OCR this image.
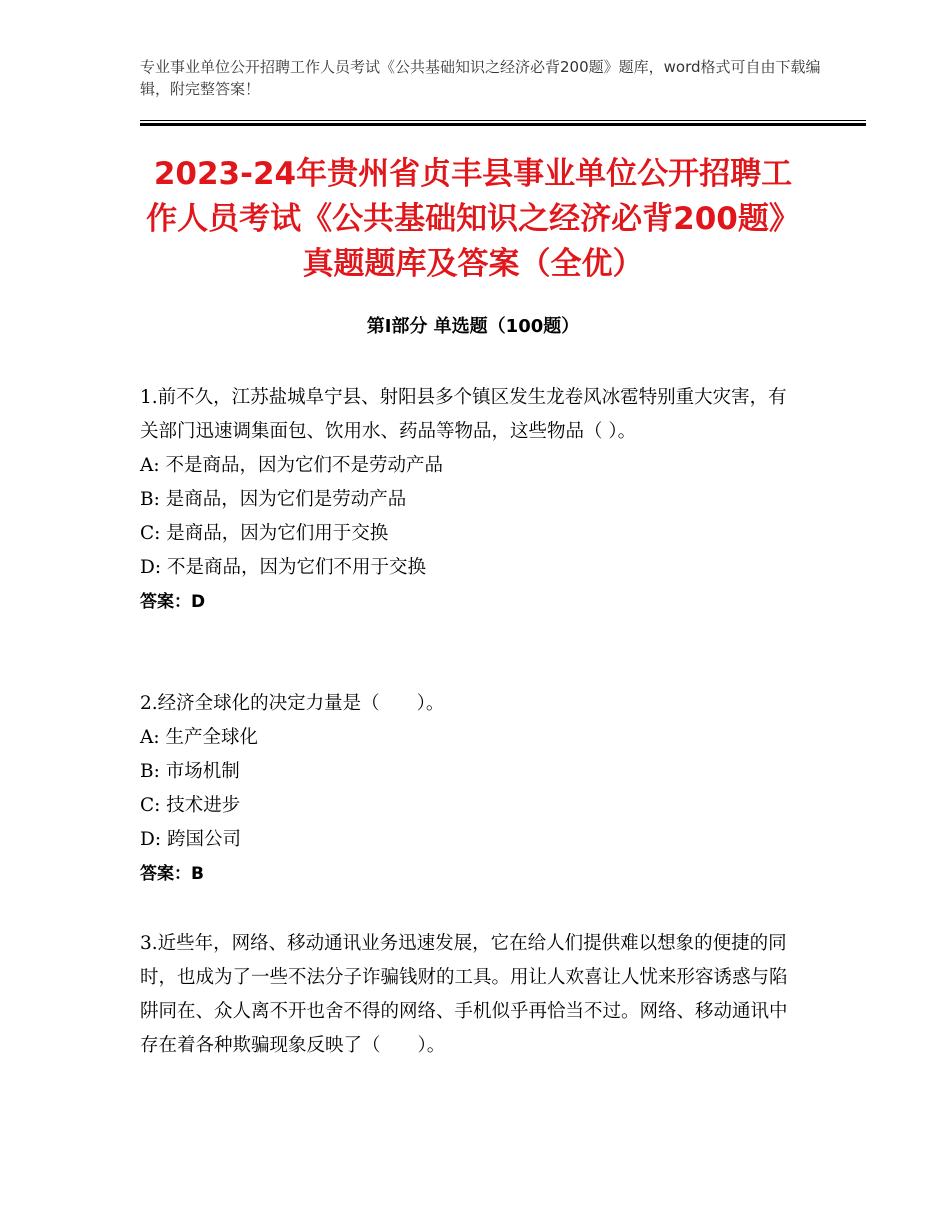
专业事业单位公开招聘工作人员考试《公共基础知识之经济必背200题》题库，word格式可自由下载编辑，附完整答案！
2023-24年贵州省贞丰县事业单位公开招聘工作人员考试《公共基础知识之经济必背200题》真题题库及答案（全优）
第Ⅰ部分 单选题（100题）

1.前不久，江苏盐城阜宁县、射阳县多个镇区发生龙卷风冰雹特别重大灾害，有关部门迅速调集面包、饮用水、药品等物品，这些物品（ ）。

A: 不是商品，因为它们不是劳动产品

B: 是商品，因为它们是劳动产品

C: 是商品，因为它们用于交换

D: 不是商品，因为它们不用于交换

答案：D

2.经济全球化的决定力量是（　　）。

A: 生产全球化

B: 市场机制

C: 技术进步

D: 跨国公司

答案：B

3.近些年，网络、移动通讯业务迅速发展，它在给人们提供难以想象的便捷的同时，也成为了一些不法分子诈骗钱财的工具。用让人欢喜让人忧来形容诱惑与陷阱同在、众人离不开也舍不得的网络、手机似乎再恰当不过。网络、移动通讯中存在着各种欺骗现象反映了（　　）。
